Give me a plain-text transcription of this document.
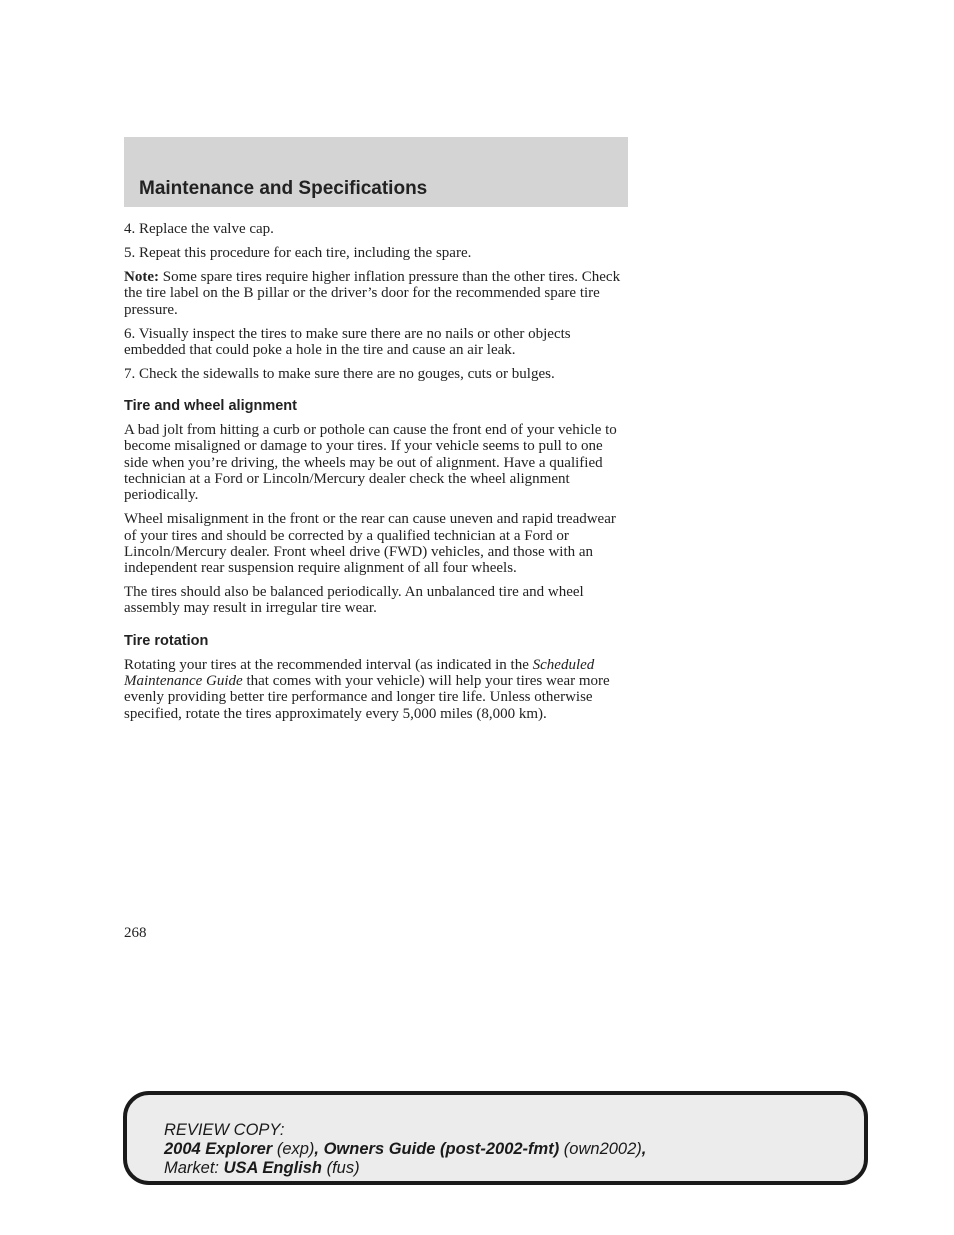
Maintenance and Specifications

4. Replace the valve cap.

5. Repeat this procedure for each tire, including the spare.

Note: Some spare tires require higher inflation pressure than the other tires. Check the tire label on the B pillar or the driver’s door for the recommended spare tire pressure.

6. Visually inspect the tires to make sure there are no nails or other objects embedded that could poke a hole in the tire and cause an air leak.

7. Check the sidewalls to make sure there are no gouges, cuts or bulges.

Tire and wheel alignment

A bad jolt from hitting a curb or pothole can cause the front end of your vehicle to become misaligned or damage to your tires. If your vehicle seems to pull to one side when you’re driving, the wheels may be out of alignment. Have a qualified technician at a Ford or Lincoln/Mercury dealer check the wheel alignment periodically.

Wheel misalignment in the front or the rear can cause uneven and rapid treadwear of your tires and should be corrected by a qualified technician at a Ford or Lincoln/Mercury dealer. Front wheel drive (FWD) vehicles, and those with an independent rear suspension require alignment of all four wheels.

The tires should also be balanced periodically. An unbalanced tire and wheel assembly may result in irregular tire wear.

Tire rotation

Rotating your tires at the recommended interval (as indicated in the Scheduled Maintenance Guide that comes with your vehicle) will help your tires wear more evenly providing better tire performance and longer tire life. Unless otherwise specified, rotate the tires approximately every 5,000 miles (8,000 km).

268
REVIEW COPY:
2004 Explorer (exp), Owners Guide (post-2002-fmt) (own2002),
Market: USA English (fus)
